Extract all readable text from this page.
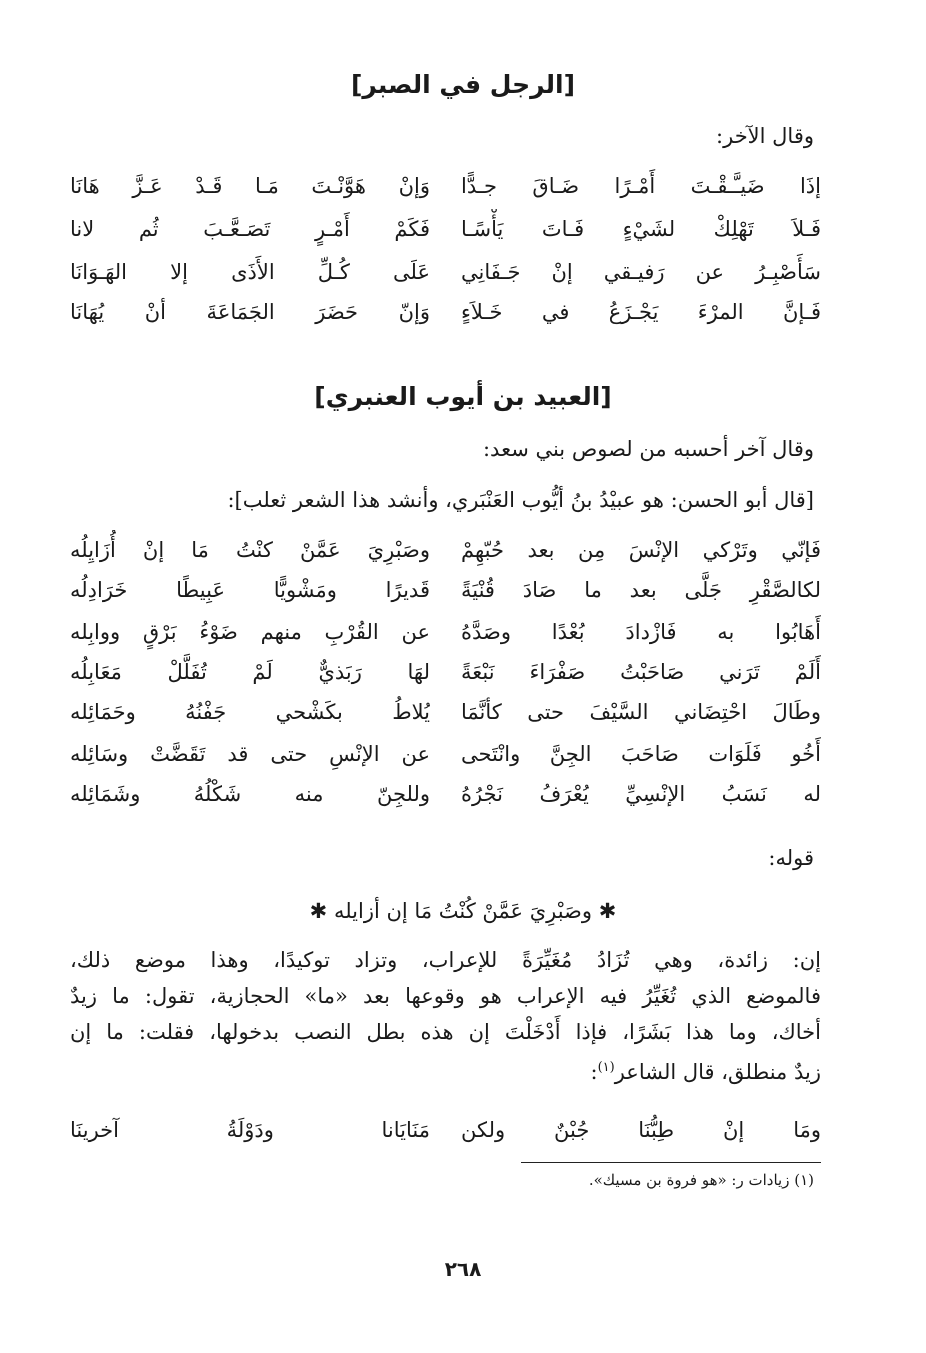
[الرجل في الصبر]
وقال الآخر:
إذَا ضَيـَّـقْـتَ أَمْـرًا ضَـاقَ جـدًّا
وَإنْ هَوَّنْـتَ مَـا قَـدْ عَـزَّ هَانَا
فَـلاَ تَهْلِكْ لشَيْءٍ فَـاتَ يَأْسًـا
فَكَمْ أَمْـرٍ تَصَـعَّـبَ ثُم لانا
سَأَصْبِـرُ عن رَفيـقي إنْ جَـفَانِي
عَلَى كُـلِّ الأَذَى إلا الهَـوَانَا
فَـإنَّ المرْءَ يَجْـزَعُ في خَـلاَءٍ
وَإنّ حَضَرَ الجَمَاعَةَ أنْ يُهَانَا
[العبيد بن أيوب العنبري]
وقال آخر أحسبه من لصوص بني سعد:
[قال أبو الحسن: هو عبيْدُ بنُ أيُّوب العَنْبَري، وأنشد هذا الشعر ثعلب]:
فَإنّي وتَرْكي الإنْسَ مِن بعد حُبّهِمْ
وصَبْرِيَ عَمَّنْ كنْتُ مَا إنْ أُزَايِلُه
لكالصَّقْرِ جَلَّى بعد ما صَادَ قُنْيَةً
قَديرًا ومَشْويًّا عَبِيطًا خَرَادِلُه
أَهَابُوا به فَازْدادَ بُعْدًا وصَدَّهُ
عن القُرْبِ منهم ضَوْءُ بَرْقٍ ووابِله
أَلَمْ تَرَني صَاحَبْتُ صَفْرَاءَ نَبْعَةً
لهَا رَبَذيٌّ لَمْ تُفَلَّلْ مَعَابِلُه
وطَالَ احْتِضَاني السَّيْفَ حتى كأنَّمَا
يُلاطُ بكَشْحي جَفْنُهُ وحَمَائِله
أَخُو فَلَوَات صَاحَبَ الجِنَّ وانْتَحى
عن الإنْسِ حتى قد تَقَضَّتْ وسَائِله
له نَسَبُ الإنْسِيِّ يُعْرَفُ نَجْرُهُ
وللجِنّ منه شَكْلُهُ وشَمَائِله
قوله:
✱ وصَبْرِيَ عَمَّنْ كُنْتُ مَا إن أزايله ✱
إن: زائدة، وهي تُزَادُ مُغَيِّرَةً للإعراب، وتزاد توكيدًا، وهذا موضع ذلك،
فالموضع الذي تُغَيِّرُ فيه الإعراب هو وقوعها بعد «ما» الحجازية، تقول: ما زيدٌ
أخاك، وما هذا بَشَرًا، فإذا أَدْخَلْتَ إن هذه بطل النصب بدخولها، فقلت: ما إن
زيدٌ منطلق، قال الشاعر$^{(١)}$:
ومَا إنْ طِبُّنَا جُبْنٌ ولكن
مَنَايَانا ودَوْلَةُ آخرينَا
(١) زيادات ر: «هو فروة بن مسيك».
٢٦٨
